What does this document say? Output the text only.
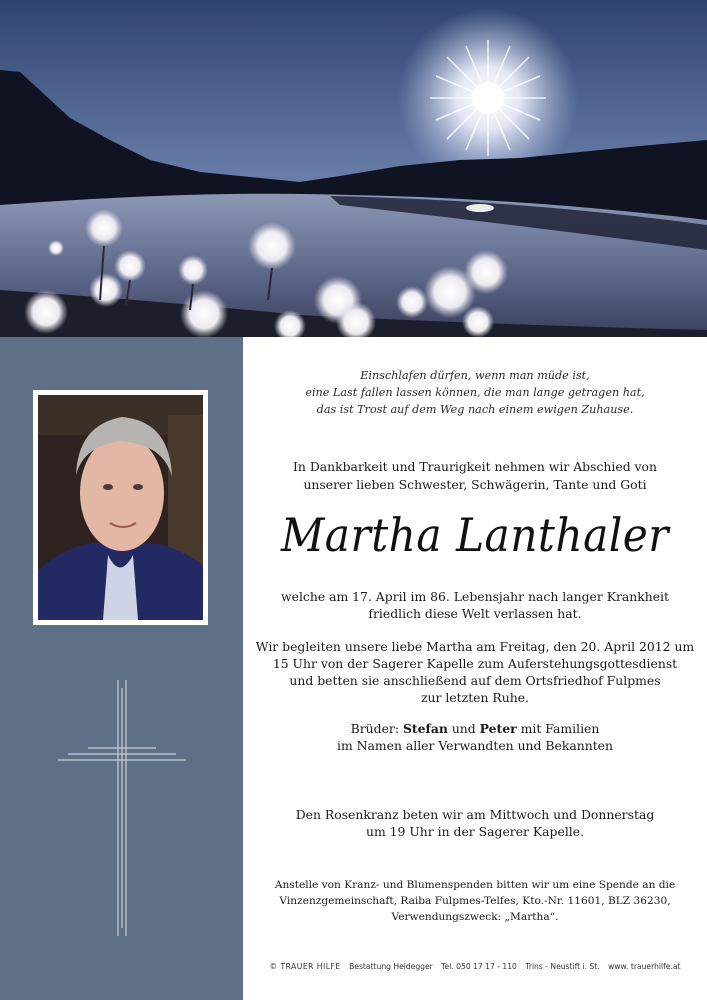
Einschlafen dürfen, wenn man müde ist,
eine Last fallen lassen können, die man lange getragen hat,
das ist Trost auf dem Weg nach einem ewigen Zuhause.
In Dankbarkeit und Traurigkeit nehmen wir Abschied von
unserer lieben Schwester, Schwägerin, Tante und Goti
Martha Lanthaler
welche am 17. April im 86. Lebensjahr nach langer Krankheit
friedlich diese Welt verlassen hat.
Wir begleiten unsere liebe Martha am Freitag, den 20. April 2012 um
15 Uhr von der Sagerer Kapelle zum Auferstehungsgottesdienst
und betten sie anschließend auf dem Ortsfriedhof Fulpmes
zur letzten Ruhe.
Brüder: Stefan und Peter mit Familien
im Namen aller Verwandten und Bekannten
Den Rosenkranz beten wir am Mittwoch und Donnerstag
um 19 Uhr in der Sagerer Kapelle.
Anstelle von Kranz- und Blumenspenden bitten wir um eine Spende an die
Vinzenzgemeinschaft, Raiba Fulpmes-Telfes, Kto.-Nr. 11601, BLZ 36230,
Verwendungszweck: „Martha“.
© TRAUER HILFE Bestattung Heidegger Tel. 050 17 17 - 110 Trins - Neustift i. St. www. trauerhilfe.at
